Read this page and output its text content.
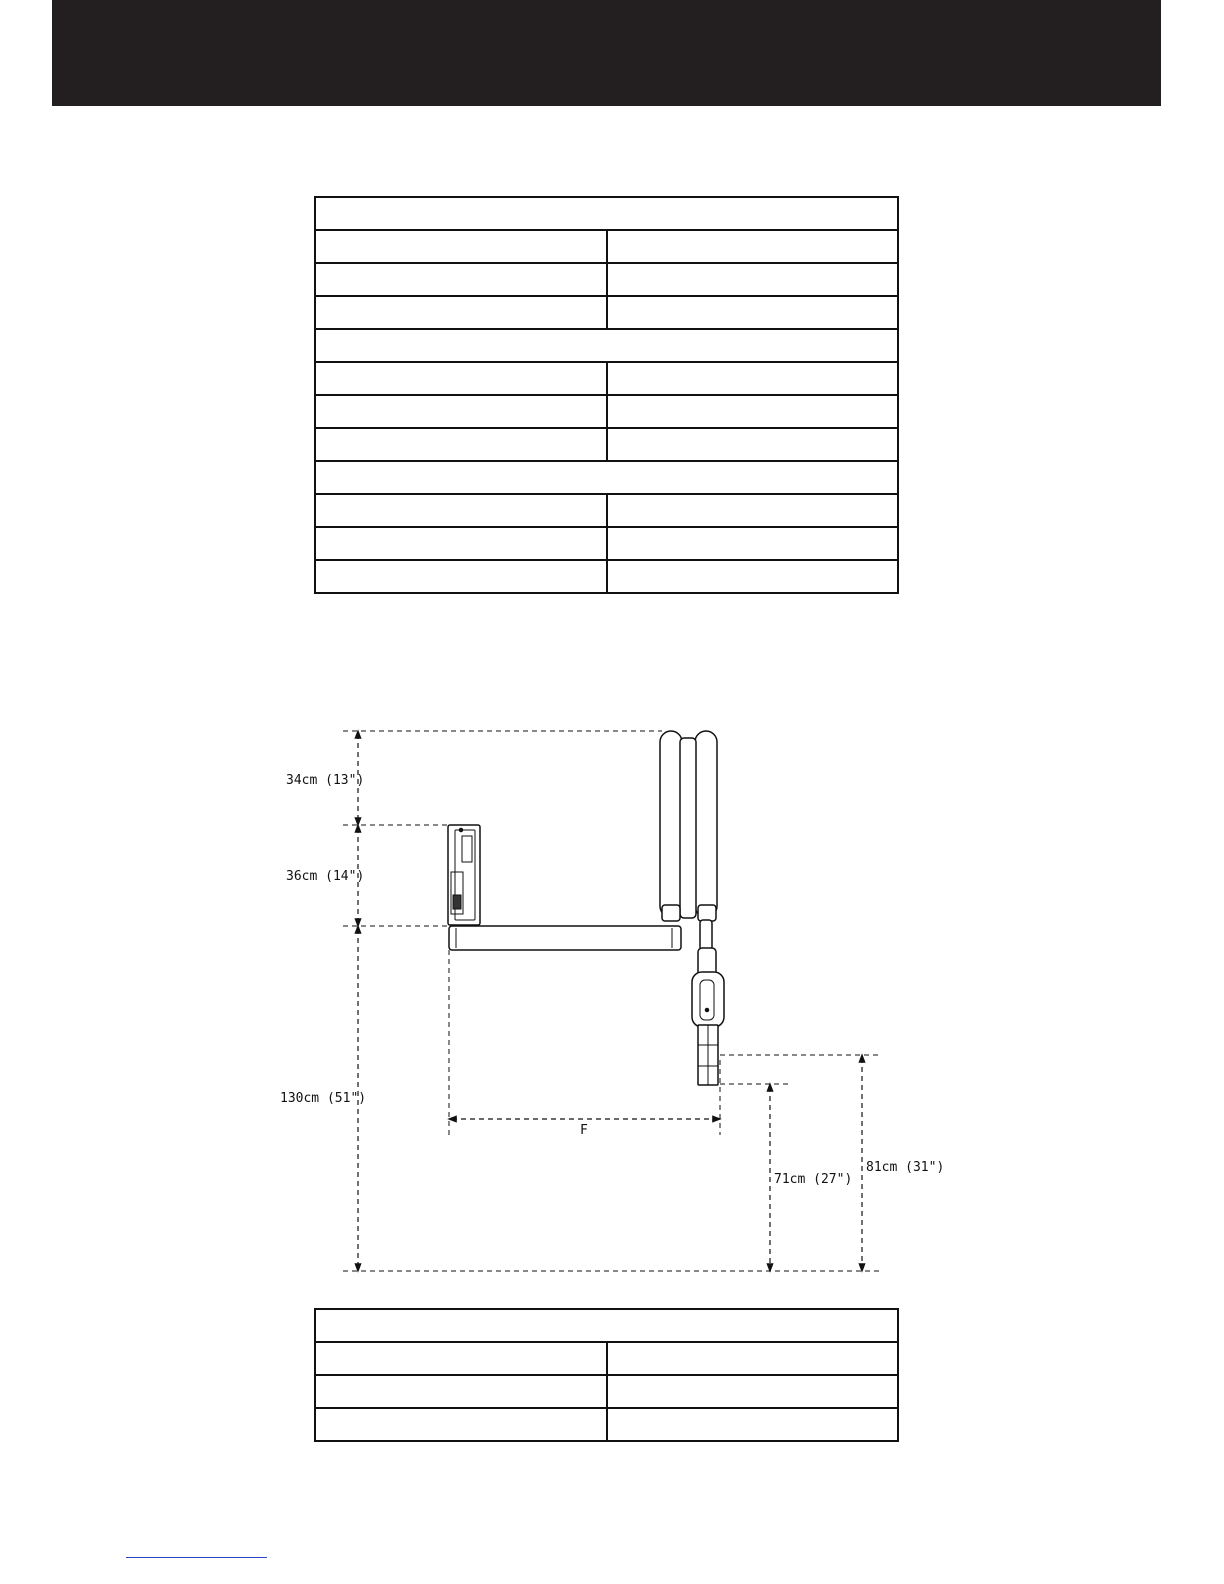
34cm (13")
36cm (14")
130cm (51")
F
71cm (27")
81cm (31")
